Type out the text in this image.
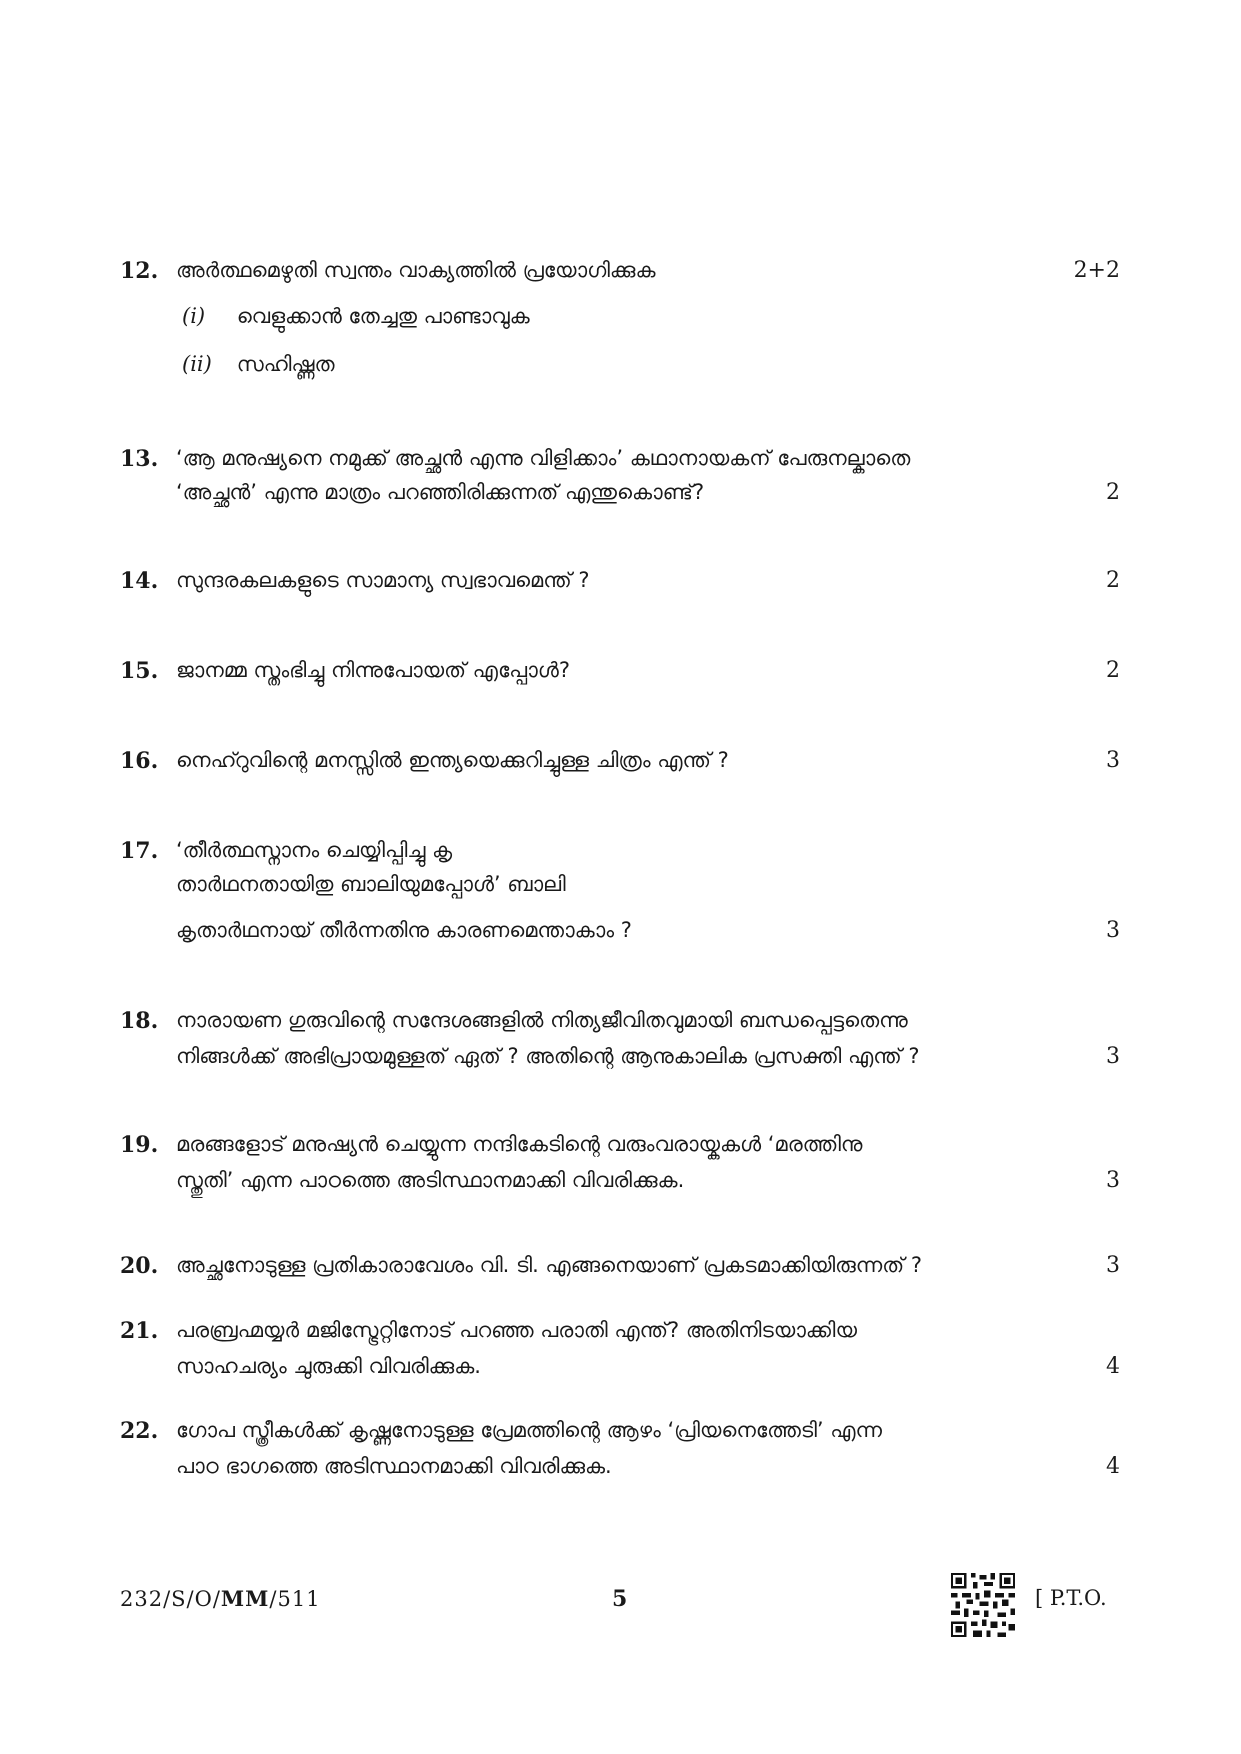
12. അർത്ഥമെഴുതി സ്വന്തം വാക്യത്തിൽ പ്രയോഗിക്കുക	2+2
(i) വെളുക്കാൻ തേച്ചതു പാണ്ടാവുക
(ii) സഹിഷ്ണത
13. ‘ആ മനുഷ്യനെ നമുക്ക് അച്ഛൻ എന്നു വിളിക്കാം’ കഥാനായകന് പേരുനല്കാതെ
‘അച്ഛൻ’ എന്നു മാത്രം പറഞ്ഞിരിക്കുന്നത് എന്തുകൊണ്ട്?	2
14. സുന്ദരകലകളുടെ സാമാന്യ സ്വഭാവമെന്ത് ?	2
15. ജാനമ്മ സ്തംഭിച്ചു നിന്നുപോയത് എപ്പോൾ?	2
16. നെഹ്റുവിന്റെ മനസ്സിൽ ഇന്ത്യയെക്കുറിച്ചുള്ള ചിത്രം എന്ത് ?	3
17. ‘തീർത്ഥസ്നാനം ചെയ്യിപ്പിച്ചു കൃ
താർഥനതായിതു ബാലിയുമപ്പോൾ’ ബാലി
കൃതാർഥനായ് തീർന്നതിനു കാരണമെന്താകാം ?	3
18. നാരായണ ഗുരുവിന്റെ സന്ദേശങ്ങളിൽ നിത്യജീവിതവുമായി ബന്ധപ്പെട്ടതെന്നു
നിങ്ങൾക്ക് അഭിപ്രായമുള്ളത് ഏത് ? അതിന്റെ ആനുകാലിക പ്രസക്തി എന്ത് ?	3
19. മരങ്ങളോട് മനുഷ്യൻ ചെയ്യുന്ന നന്ദികേടിന്റെ വരുംവരായ്കകൾ ‘മരത്തിനു
സ്തുതി’ എന്ന പാഠത്തെ അടിസ്ഥാനമാക്കി വിവരിക്കുക.	3
20. അച്ഛനോടുള്ള പ്രതികാരാവേശം വി. ടി. എങ്ങനെയാണ് പ്രകടമാക്കിയിരുന്നത് ?	3
21. പരബ്രഹ്മയ്യർ മജിസ്ട്രേറ്റിനോട് പറഞ്ഞ പരാതി എന്ത്? അതിനിടയാക്കിയ
സാഹചര്യം ചുരുക്കി വിവരിക്കുക.	4
22. ഗോപ സ്ത്രീകൾക്ക് കൃഷ്ണനോടുള്ള പ്രേമത്തിന്റെ ആഴം ‘പ്രിയനെത്തേടി’ എന്ന
പാഠ ഭാഗത്തെ അടിസ്ഥാനമാക്കി വിവരിക്കുക.	4
232/S/O/MM/511	5	[ P.T.O.
